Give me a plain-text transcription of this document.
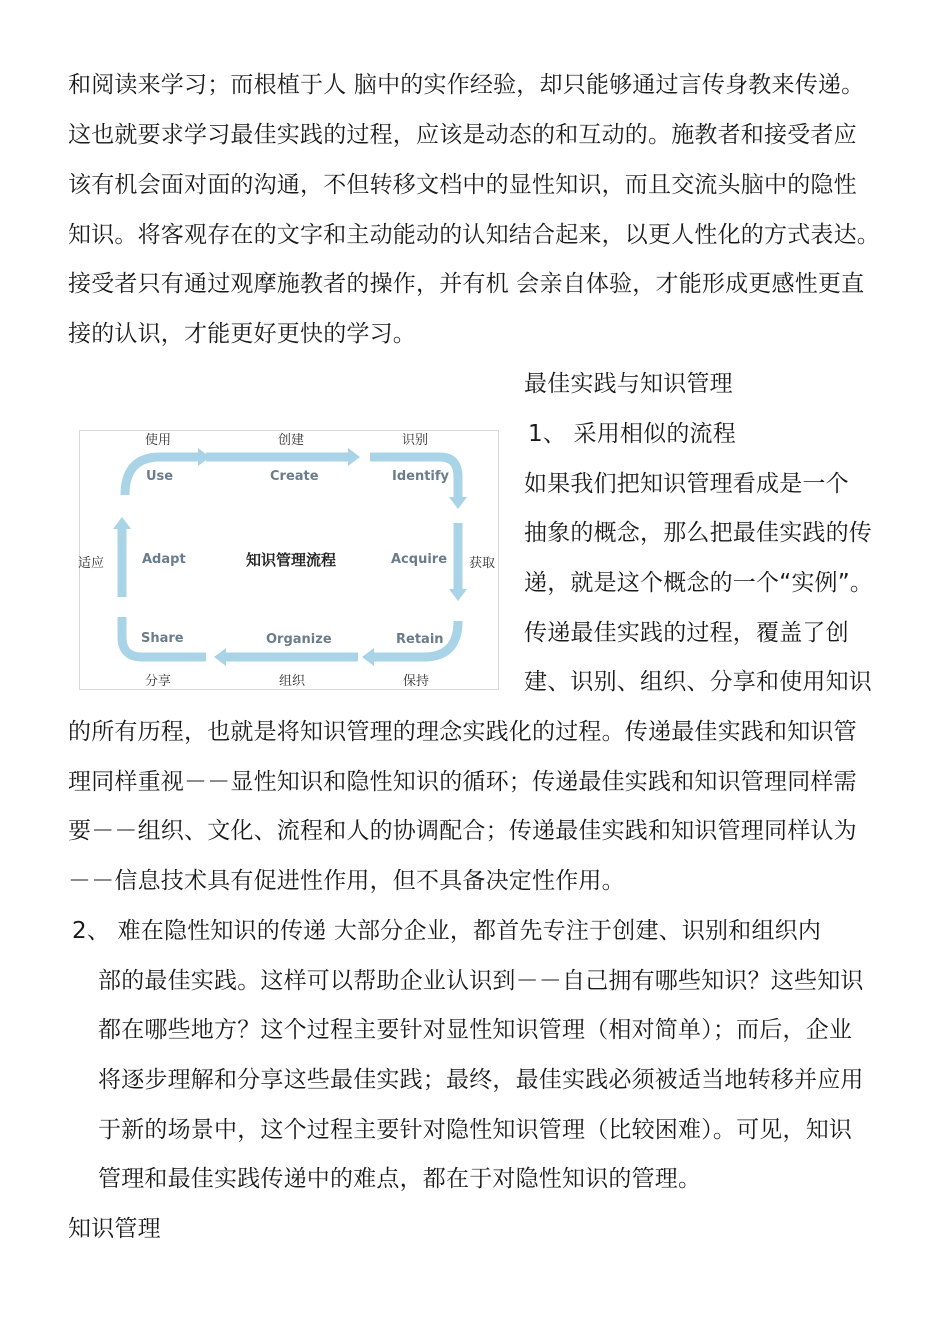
和阅读来学习；而根植于人 脑中的实作经验，却只能够通过言传身教来传递。
这也就要求学习最佳实践的过程，应该是动态的和互动的。施教者和接受者应
该有机会面对面的沟通，不但转移文档中的显性知识，而且交流头脑中的隐性
知识。将客观存在的文字和主动能动的认知结合起来，以更人性化的方式表达。
接受者只有通过观摩施教者的操作，并有机 会亲自体验，才能形成更感性更直
接的认识，才能更好更快的学习。
最佳实践与知识管理
1、 采用相似的流程
如果我们把知识管理看成是一个
抽象的概念，那么把最佳实践的传
递，就是这个概念的一个“实例”。
传递最佳实践的过程，覆盖了创
建、识别、组织、分享和使用知识
使用	创建	识别
Use	Create	Identify
适应	Adapt	知识管理流程	Acquire 获取
Share	Organize	Retain
分享	组织	保持
的所有历程，也就是将知识管理的理念实践化的过程。传递最佳实践和知识管
理同样重视－－显性知识和隐性知识的循环；传递最佳实践和知识管理同样需
要－－组织、文化、流程和人的协调配合；传递最佳实践和知识管理同样认为
－－信息技术具有促进性作用，但不具备决定性作用。
2、 难在隐性知识的传递 大部分企业，都首先专注于创建、识别和组织内
部的最佳实践。这样可以帮助企业认识到－－自己拥有哪些知识？这些知识
都在哪些地方？这个过程主要针对显性知识管理（相对简单）；而后，企业
将逐步理解和分享这些最佳实践；最终，最佳实践必须被适当地转移并应用
于新的场景中，这个过程主要针对隐性知识管理（比较困难）。可见，知识
管理和最佳实践传递中的难点，都在于对隐性知识的管理。
知识管理
